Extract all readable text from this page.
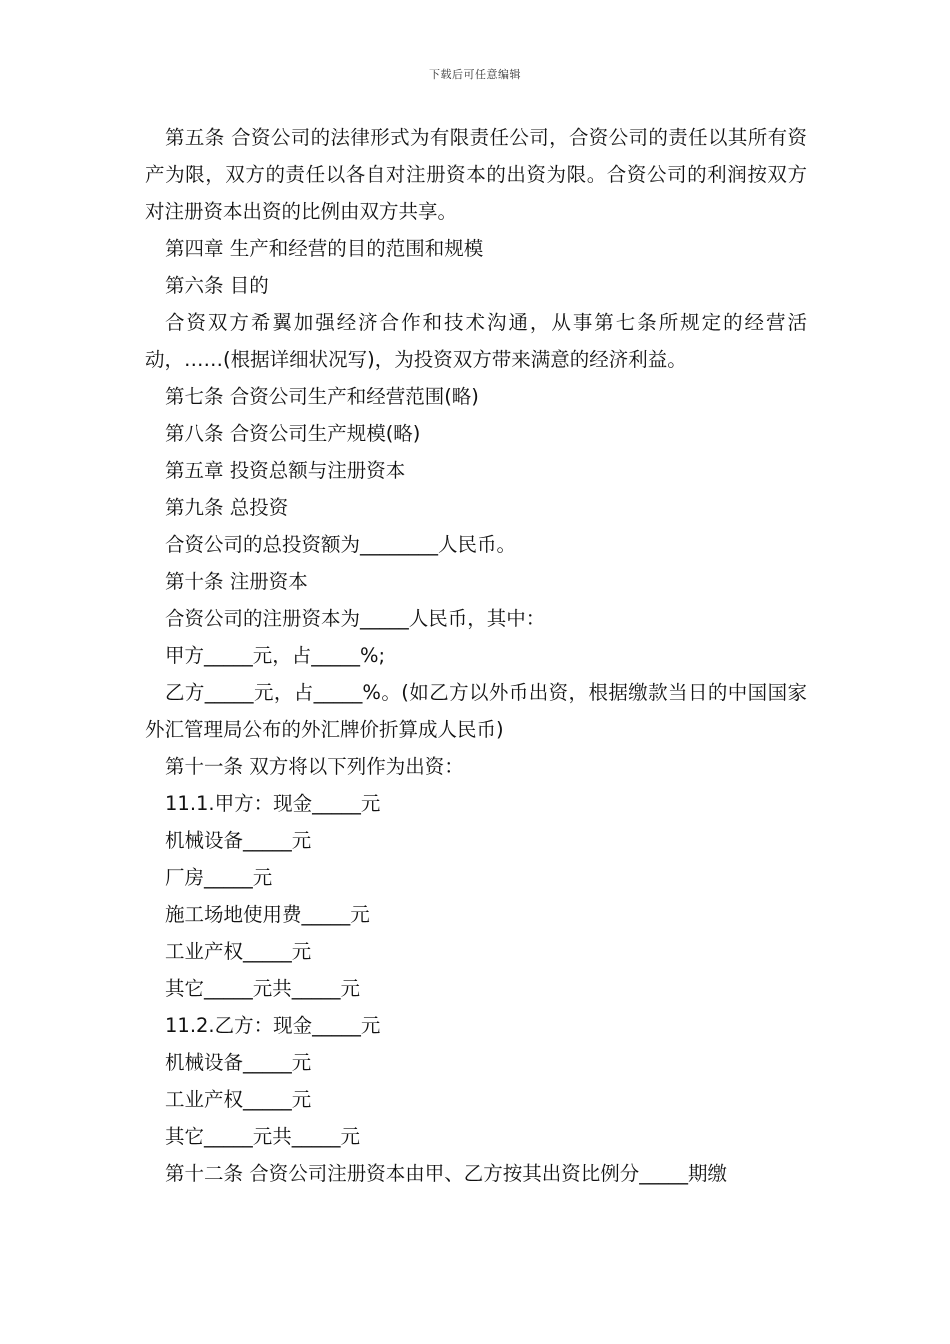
下载后可任意编辑

第五条 合资公司的法律形式为有限责任公司，合资公司的责任以其所有资产为限，双方的责任以各自对注册资本的出资为限。合资公司的利润按双方对注册资本出资的比例由双方共享。

第四章 生产和经营的目的范围和规模

第六条 目的

合资双方希翼加强经济合作和技术沟通，从事第七条所规定的经营活动，……(根据详细状况写)，为投资双方带来满意的经济利益。

第七条 合资公司生产和经营范围(略)

第八条 合资公司生产规模(略)

第五章 投资总额与注册资本

第九条 总投资

合资公司的总投资额为________人民币。

第十条 注册资本

合资公司的注册资本为_____人民币，其中：

甲方_____元，占_____%;

乙方_____元，占_____%。(如乙方以外币出资，根据缴款当日的中国国家外汇管理局公布的外汇牌价折算成人民币)

第十一条 双方将以下列作为出资：

11.1.甲方：现金_____元

机械设备_____元

厂房_____元

施工场地使用费_____元

工业产权_____元

其它_____元共_____元

11.2.乙方：现金_____元

机械设备_____元

工业产权_____元

其它_____元共_____元

第十二条 合资公司注册资本由甲、乙方按其出资比例分_____期缴
